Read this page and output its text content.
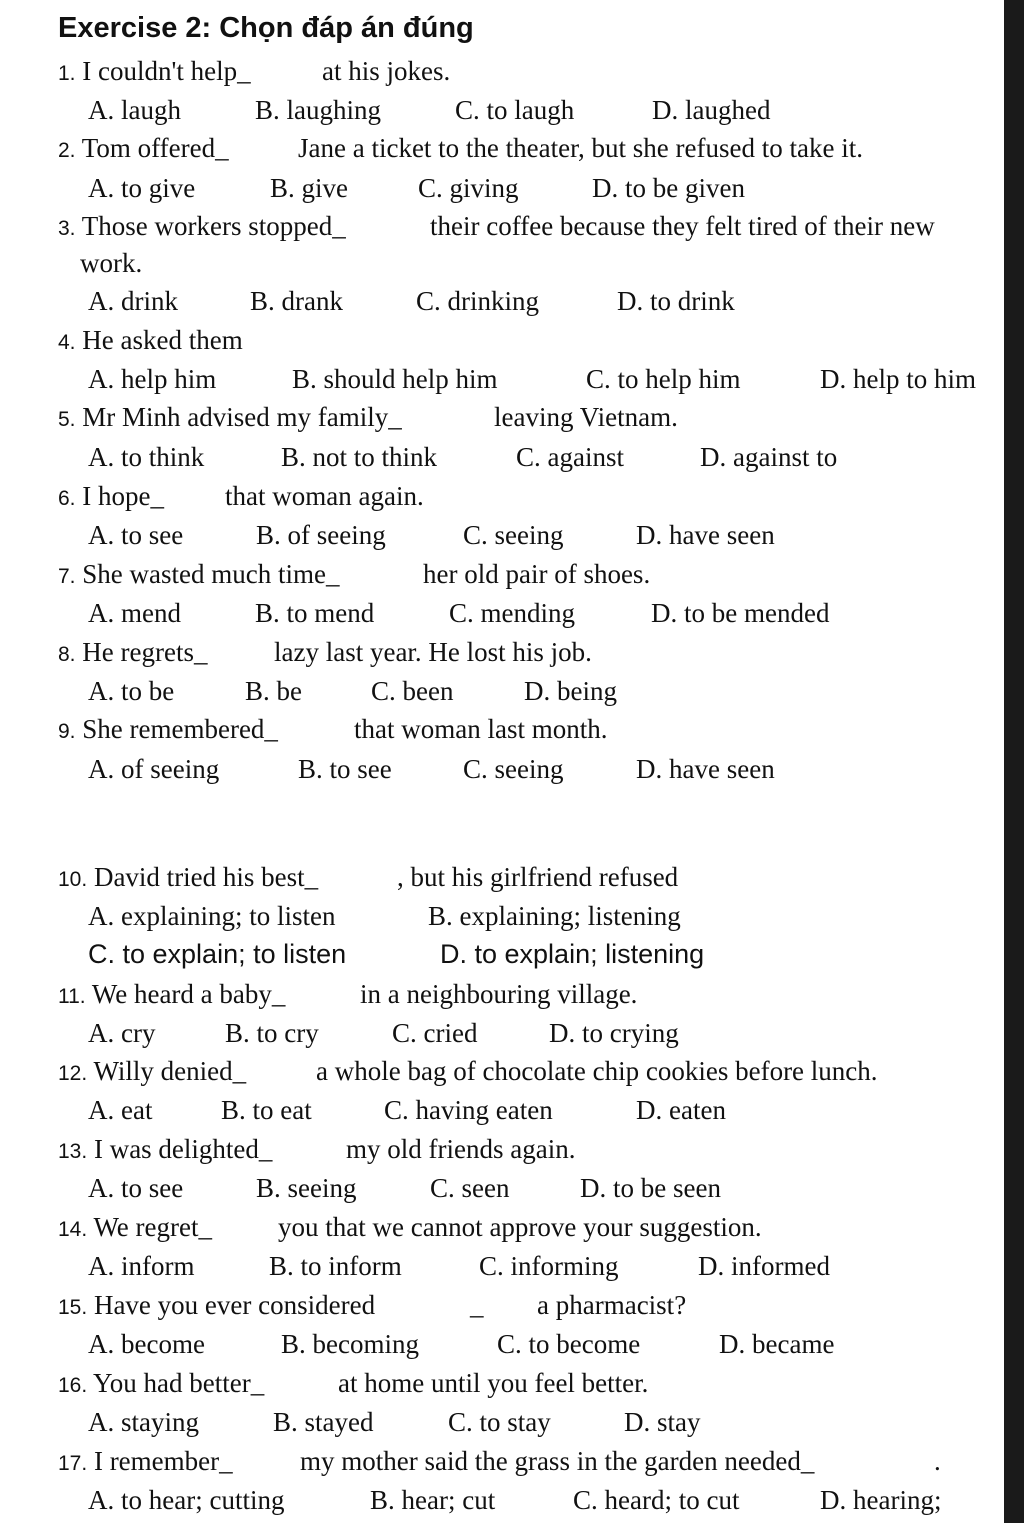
Exercise 2: Chọn đáp án đúng
1. I couldn't help_	at his jokes.
A. laugh	B. laughing	C. to laugh	D. laughed
2. Tom offered_	Jane a ticket to the theater, but she refused to take it.
A. to give	B. give	C. giving	D. to be given
3. Those workers stopped_	their coffee because they felt tired of their new
work.
A. drink	B. drank	C. drinking	D. to drink
4. He asked them
A. help him	B. should help him	C. to help him	D. help to him
5. Mr Minh advised my family_	leaving Vietnam.
A. to think	B. not to think	C. against	D. against to
6. I hope_ that woman again.
A. to see	B. of seeing	C. seeing	D. have seen
7. She wasted much time_	her old pair of shoes.
A. mend	B. to mend	C. mending	D. to be mended
8. He regrets_ lazy last year. He lost his job.
A. to be	B. be	C. been	D. being
9. She remembered_	that woman last month.
A. of seeing	B. to see	C. seeing	D. have seen
10. David tried his best_	, but his girlfriend refused
A. explaining; to listen	B. explaining; listening
C. to explain; to listen	D. to explain; listening
11. We heard a baby_	in a neighbouring village.
A. cry	B. to cry	C. cried	D. to crying
12. Willy denied_	a whole bag of chocolate chip cookies before lunch.
A. eat	B. to eat	C. having eaten	D. eaten
13. I was delighted_	my old friends again.
A. to see	B. seeing	C. seen	D. to be seen
14. We regret_ you that we cannot approve your suggestion.
A. inform	B. to inform	C. informing	D. informed
15. Have you ever considered	_ a pharmacist?
A. become	B. becoming	C. to become	D. became
16. You had better_	at home until you feel better.
A. staying	B. stayed	C. to stay	D. stay
17. I remember_ my mother said the grass in the garden needed_	.
A. to hear; cutting	B. hear; cut	C. heard; to cut	D. hearing;
